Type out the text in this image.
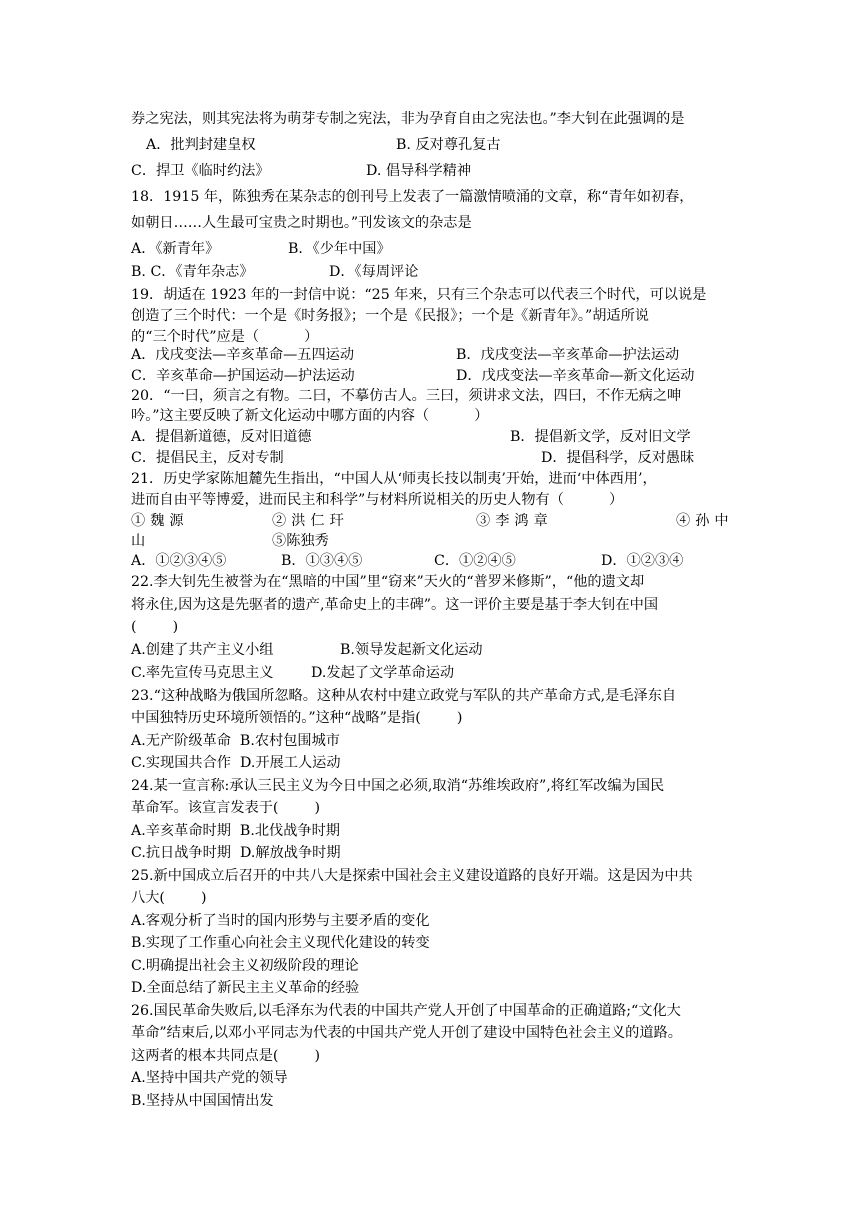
券之宪法，则其宪法将为萌芽专制之宪法，非为孕育自由之宪法也。”李大钊在此强调的是
A．批判封建皇权	B. 反对尊孔复古
C．捍卫《临时约法》	D. 倡导科学精神
18．1915 年，陈独秀在某杂志的创刊号上发表了一篇激情喷涌的文章，称“青年如初春，
如朝日……人生最可宝贵之时期也。”刊发该文的杂志是
A．《新青年》	B．《少年中国》
B. C．《青年杂志》	D．《每周评论
19．胡适在 1923 年的一封信中说：“25 年来，只有三个杂志可以代表三个时代，可以说是
创造了三个时代：一个是《时务报》；一个是《民报》；一个是《新青年》。”胡适所说
的“三个时代”应是（          ）
A．戊戌变法—辛亥革命—五四运动	B．戊戌变法—辛亥革命—护法运动
C．辛亥革命—护国运动—护法运动	D．戊戌变法—辛亥革命—新文化运动
20．“一曰，须言之有物。二曰，不摹仿古人。三曰，须讲求文法，四曰，不作无病之呻
吟。”这主要反映了新文化运动中哪方面的内容（          ）
A．提倡新道德，反对旧道德	B．提倡新文学，反对旧文学
C．提倡民主，反对专制	D．提倡科学，反对愚昧
21．历史学家陈旭麓先生指出，“中国人从‘师夷长技以制夷’开始，进而‘中体西用’，
进而自由平等博爱，进而民主和科学”与材料所说相关的历史人物有（          ）
①魏源	②洪仁玕	③李鸿章	④孙中
山	⑤陈独秀
A．①②③④⑤	B．①③④⑤	C．①②④⑤	D．①②③④
22.李大钊先生被誉为在“黑暗的中国”里“窃来”天火的“普罗米修斯”，“他的遗文却
将永住,因为这是先驱者的遗产,革命史上的丰碑”。这一评价主要是基于李大钊在中国
(        )
A.创建了共产主义小组	B.领导发起新文化运动
C.率先宣传马克思主义	D.发起了文学革命运动
23.“这种战略为俄国所忽略。这种从农村中建立政党与军队的共产革命方式,是毛泽东自
中国独特历史环境所领悟的。”这种“战略”是指(        )
A.无产阶级革命  B.农村包围城市
C.实现国共合作  D.开展工人运动
24.某一宣言称:承认三民主义为今日中国之必须,取消“苏维埃政府”,将红军改编为国民
革命军。该宣言发表于(        )
A.辛亥革命时期  B.北伐战争时期
C.抗日战争时期  D.解放战争时期
25.新中国成立后召开的中共八大是探索中国社会主义建设道路的良好开端。这是因为中共
八大(        )
A.客观分析了当时的国内形势与主要矛盾的变化
B.实现了工作重心向社会主义现代化建设的转变
C.明确提出社会主义初级阶段的理论
D.全面总结了新民主主义革命的经验
26.国民革命失败后,以毛泽东为代表的中国共产党人开创了中国革命的正确道路;“文化大
革命”结束后,以邓小平同志为代表的中国共产党人开创了建设中国特色社会主义的道路。
这两者的根本共同点是(        )
A.坚持中国共产党的领导
B.坚持从中国国情出发
